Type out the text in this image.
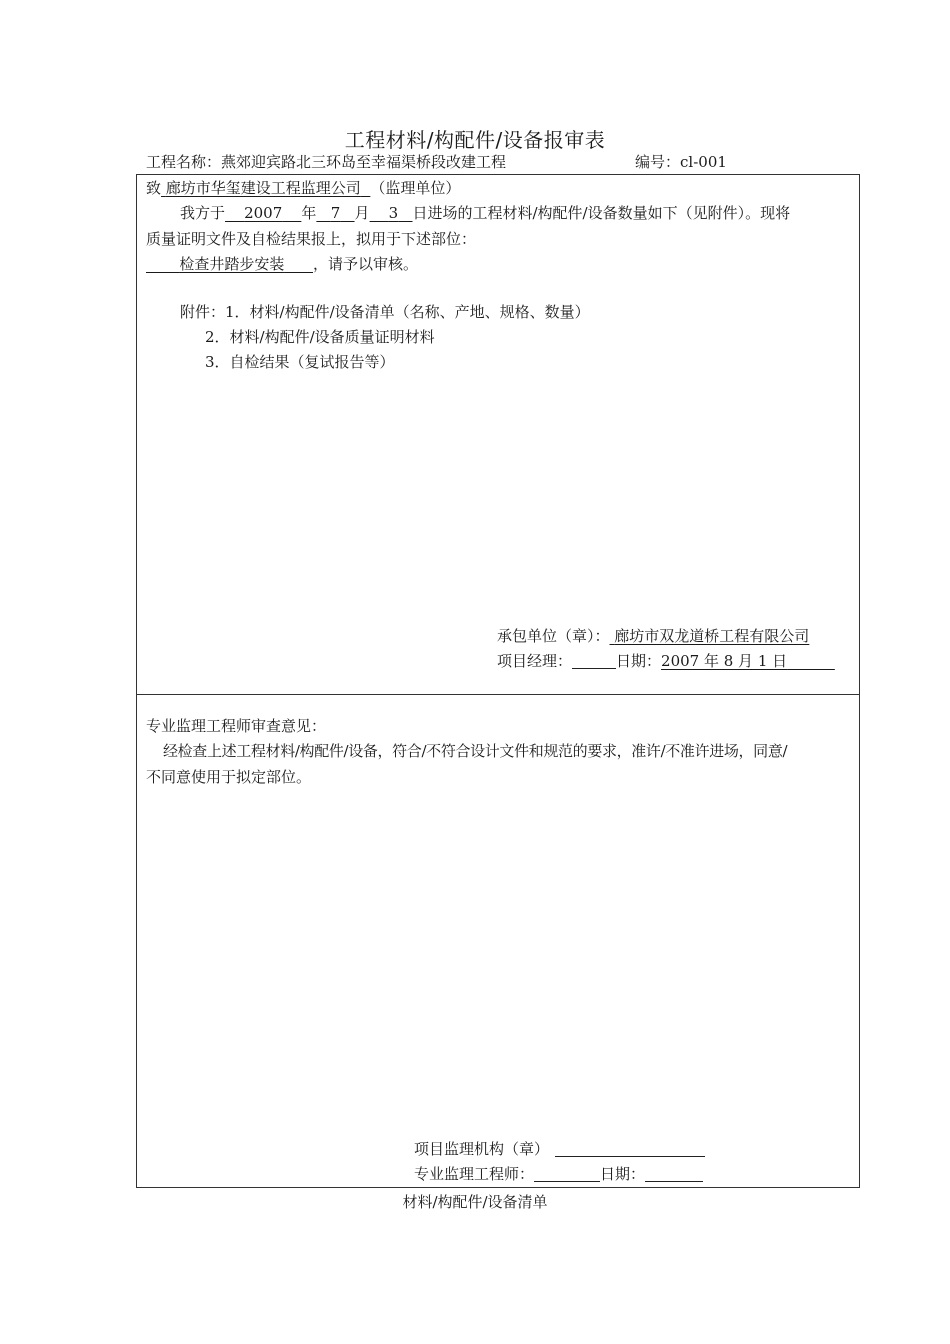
工程材料/构配件/设备报审表
工程名称：燕郊迎宾路北三环岛至幸福渠桥段改建工程	编号：cl-001
致 廊坊市华玺建设工程监理公司 （监理单位）
我方于 2007 年 7 月 3 日进场的工程材料/构配件/设备数量如下（见附件）。现将
质量证明文件及自检结果报上，拟用于下述部位：
检查井踏步安装 ，请予以审核。
附件：1．材料/构配件/设备清单（名称、产地、规格、数量）
2．材料/构配件/设备质量证明材料
3．自检结果（复试报告等）
承包单位（章）： 廊坊市双龙道桥工程有限公司
项目经理：	日期：2007 年 8 月 1 日
专业监理工程师审查意见：
经检查上述工程材料/构配件/设备，符合/不符合设计文件和规范的要求，准许/不准许进场，同意/
不同意使用于拟定部位。
项目监理机构（章）
专业监理工程师：	日期：
材料/构配件/设备清单
